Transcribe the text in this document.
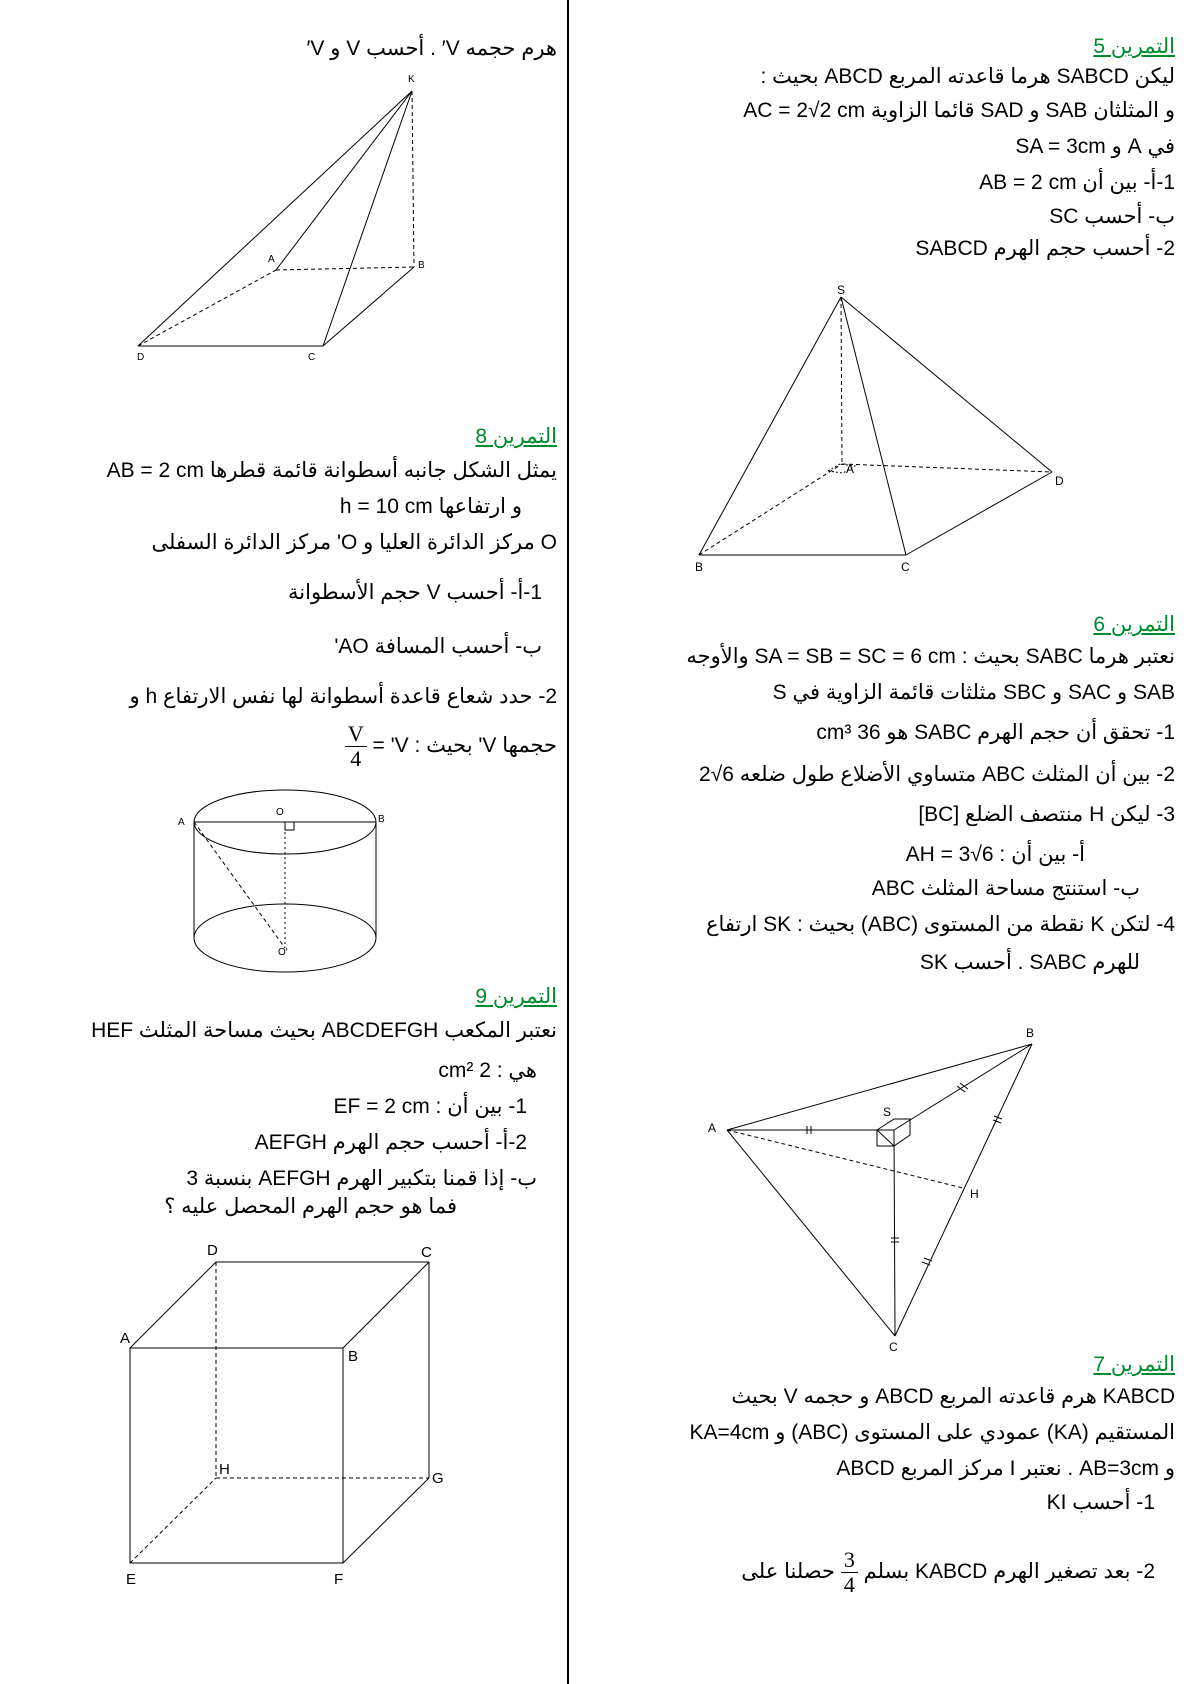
التمرين 5
ليكن SABCD هرما قاعدته المربع ABCD بحيث :
و المثلثان SAB و SAD قائما الزاوية AC = 2√2 cm
في A و SA = 3cm
1-أ- بين أن AB = 2 cm
ب- أحسب SC
2- أحسب حجم الهرم SABCD
التمرين 6
نعتبر هرما SABC بحيث : SA = SB = SC = 6 cm والأوجه
SAB و SAC و SBC مثلثات قائمة الزاوية في S
1- تحقق أن حجم الهرم SABC هو 36 cm³
2- بين أن المثلث ABC متساوي الأضلاع طول ضلعه 6√2
3- ليكن H منتصف الضلع [BC]
أ- بين أن : AH = 3√6
ب- استنتج مساحة المثلث ABC
4- لتكن K نقطة من المستوى (ABC) بحيث : SK ارتفاع
للهرم SABC . أحسب SK
التمرين 7
KABCD هرم قاعدته المربع ABCD و حجمه V بحيث
المستقيم (KA) عمودي على المستوى (ABC) و KA=4cm
و AB=3cm . نعتبر I مركز المربع ABCD
1- أحسب KI
2- بعد تصغير الهرم KABCD بسلم
$\frac{3}{4}$
حصلنا على
هرم حجمه V′ . أحسب V و V′
التمرين 8
يمثل الشكل جانبه أسطوانة قائمة قطرها AB = 2 cm
و ارتفاعها h = 10 cm
O مركز الدائرة العليا و O' مركز الدائرة السفلى
1-أ- أحسب V حجم الأسطوانة
ب- أحسب المسافة AO'
2- حدد شعاع قاعدة أسطوانة لها نفس الارتفاع h و
حجمها V' بحيث : V' =
$\frac{V}{4}$
التمرين 9
نعتبر المكعب ABCDEFGH بحيث مساحة المثلث HEF
هي : 2 cm²
1- بين أن : EF = 2 cm
2-أ- أحسب حجم الهرم AEFGH
ب- إذا قمنا بتكبير الهرم AEFGH بنسبة 3
فما هو حجم الهرم المحصل عليه ؟
S
A
B	C
D
A
B
C
S
H
K
A
B
D	C
A	B
O
O'
A
B
C
D
E	F
G
H
